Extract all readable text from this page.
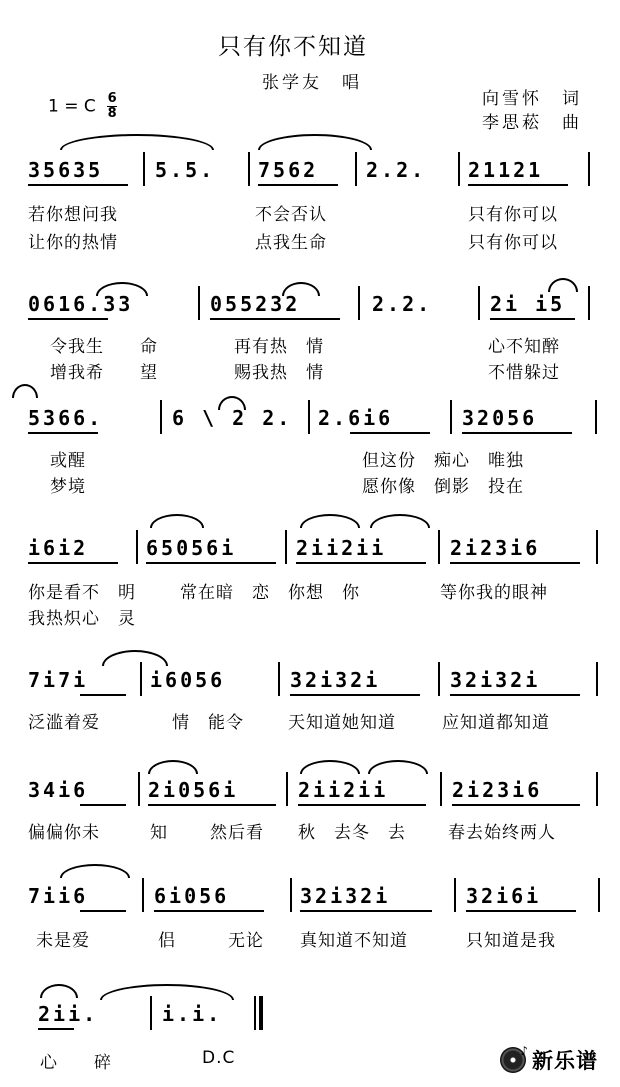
只有你不知道
张学友　唱
1 = C $\frac{6}{8}$	向雪怀　词
李思菘　曲
35635	5.5. 7562 2.2. 21121
若你想问我	不会否认	只有你可以
让你的热情	点我生命	只有你可以
0616.33	055232	2.2.	2i i5
令我生　　命	再有热　情	心不知醉
增我希　　望	赐我热　情	不惜躲过
5366.	6 \ 2 2. 2.6i6	32056
或醒	但这份　痴心　唯独
梦境	愿你像　倒影　投在
i6i2	65056i	2ii2ii	2i23i6
你是看不　明	常在暗　恋　你想　你	等你我的眼神
我热炽心　灵
7i7i	i6056	32i32i	32i32i
泛滥着爱	情　能令	天知道她知道	应知道都知道
34i6	2i056i	2ii2ii	2i23i6
偏偏你未	知 然后看 秋　去冬　去 春去始终两人
7ii6	6i056	32i32i	32i6i
未是爱	侣	无论 真知道不知道	只知道是我
2ii.	i.i.
心　　碎	D.C	♪ 新乐谱
